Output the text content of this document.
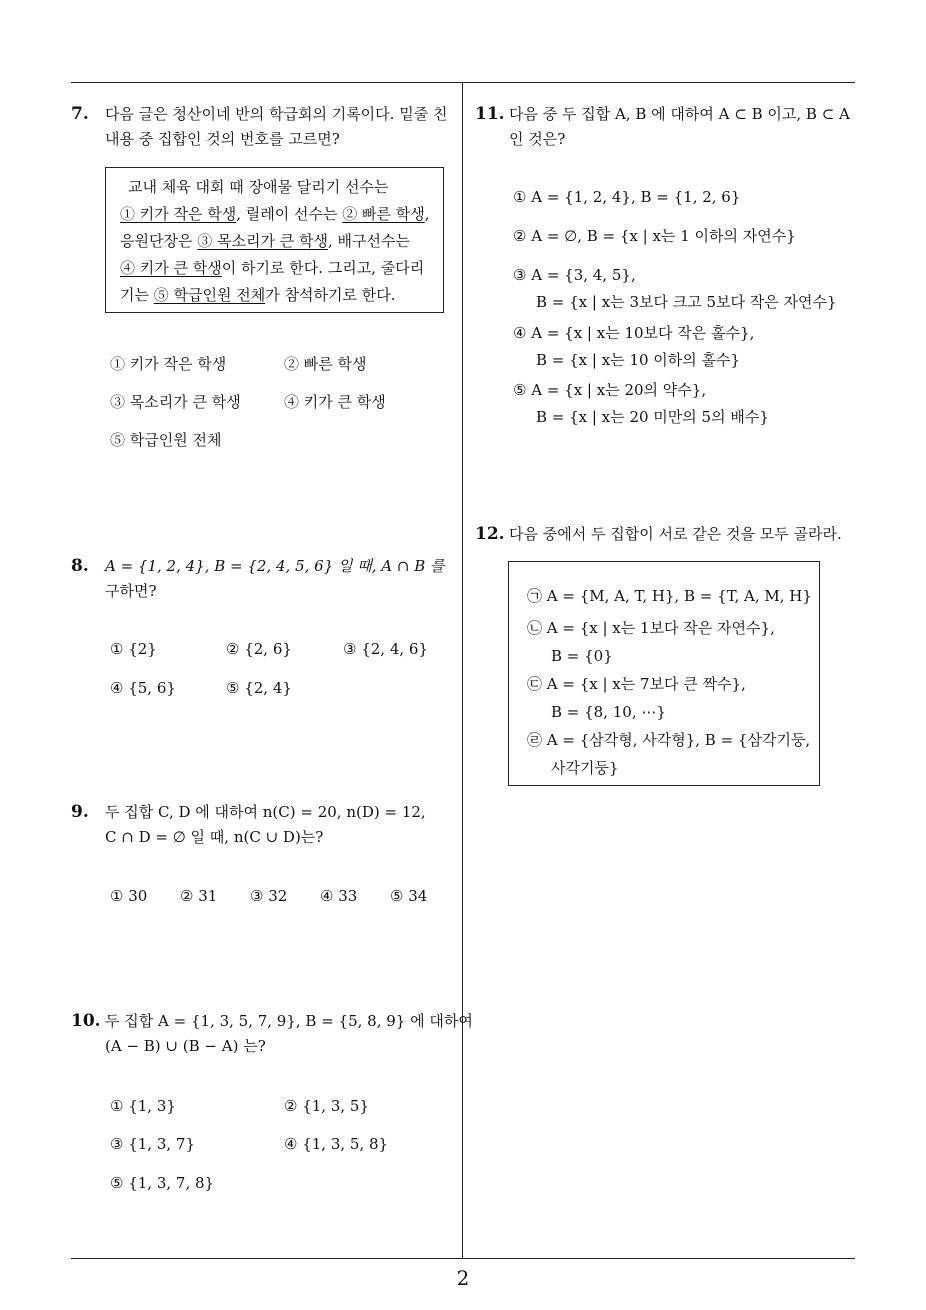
2
7. 다음 글은 청산이네 반의 학급회의 기록이다. 밑줄 친
내용 중 집합인 것의 번호를 고르면?
교내 체육 대회 때 장애물 달리기 선수는
① 키가 작은 학생, 릴레이 선수는 ② 빠른 학생,
응원단장은 ③ 목소리가 큰 학생, 배구선수는
④ 키가 큰 학생이 하기로 한다. 그리고, 줄다리
기는 ⑤ 학급인원 전체가 참석하기로 한다.
① 키가 작은 학생	② 빠른 학생
③ 목소리가 큰 학생	④ 키가 큰 학생
⑤ 학급인원 전체
8. A = {1, 2, 4}, B = {2, 4, 5, 6} 일 때, A ∩ B 를
구하면?
① {2}	② {2, 6}	③ {2, 4, 6}
④ {5, 6}	⑤ {2, 4}
9. 두 집합 C, D 에 대하여 n(C) = 20, n(D) = 12,
C ∩ D = ∅ 일 때, n(C ∪ D)는?
① 30 ② 31 ③ 32 ④ 33 ⑤ 34
10. 두 집합 A = {1, 3, 5, 7, 9}, B = {5, 8, 9} 에 대하여
(A − B) ∪ (B − A) 는?
① {1, 3}	② {1, 3, 5}
③ {1, 3, 7}	④ {1, 3, 5, 8}
⑤ {1, 3, 7, 8}
11. 다음 중 두 집합 A, B 에 대하여 A ⊂ B 이고, B ⊂ A
인 것은?
① A = {1, 2, 4}, B = {1, 2, 6}
② A = ∅, B = {x | x는 1 이하의 자연수}
③ A = {3, 4, 5},
B = {x | x는 3보다 크고 5보다 작은 자연수}
④ A = {x | x는 10보다 작은 홀수},
B = {x | x는 10 이하의 홀수}
⑤ A = {x | x는 20의 약수},
B = {x | x는 20 미만의 5의 배수}
12. 다음 중에서 두 집합이 서로 같은 것을 모두 골라라.
㉠ A = {M, A, T, H}, B = {T, A, M, H}
㉡ A = {x | x는 1보다 작은 자연수},
B = {0}
㉢ A = {x | x는 7보다 큰 짝수},
B = {8, 10, ⋯}
㉣ A = {삼각형, 사각형}, B = {삼각기둥,
사각기둥}
